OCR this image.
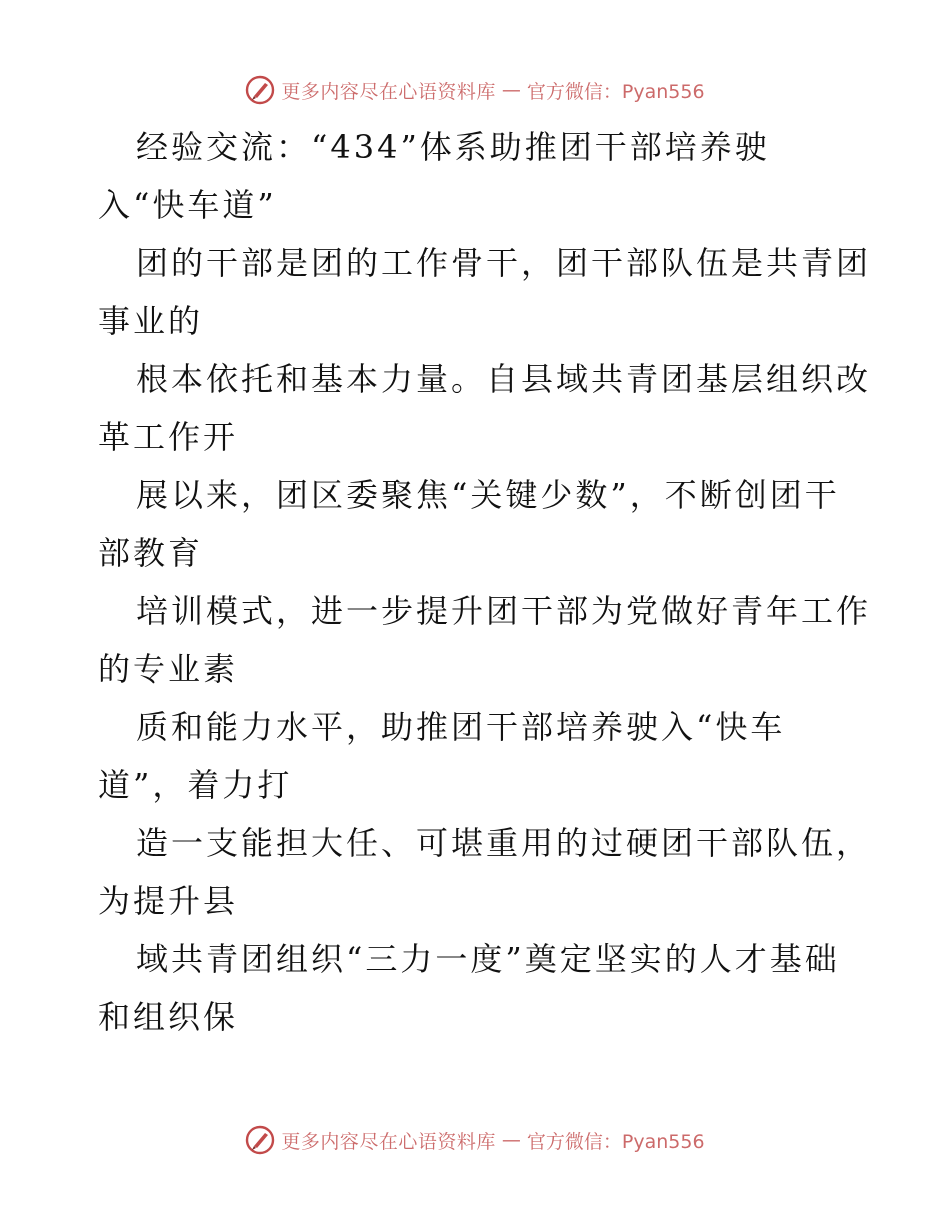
更多内容尽在心语资料库 — 官方微信：Pyan556
经验交流：“434”体系助推团干部培养驶
入“快车道”
团的干部是团的工作骨干，团干部队伍是共青团
事业的
根本依托和基本力量。自县域共青团基层组织改
革工作开
展以来，团区委聚焦“关键少数”，不断创团干
部教育
培训模式，进一步提升团干部为党做好青年工作
的专业素
质和能力水平，助推团干部培养驶入“快车
道”，着力打
造一支能担大任、可堪重用的过硬团干部队伍，
为提升县
域共青团组织“三力一度”奠定坚实的人才基础
和组织保
更多内容尽在心语资料库 — 官方微信：Pyan556
